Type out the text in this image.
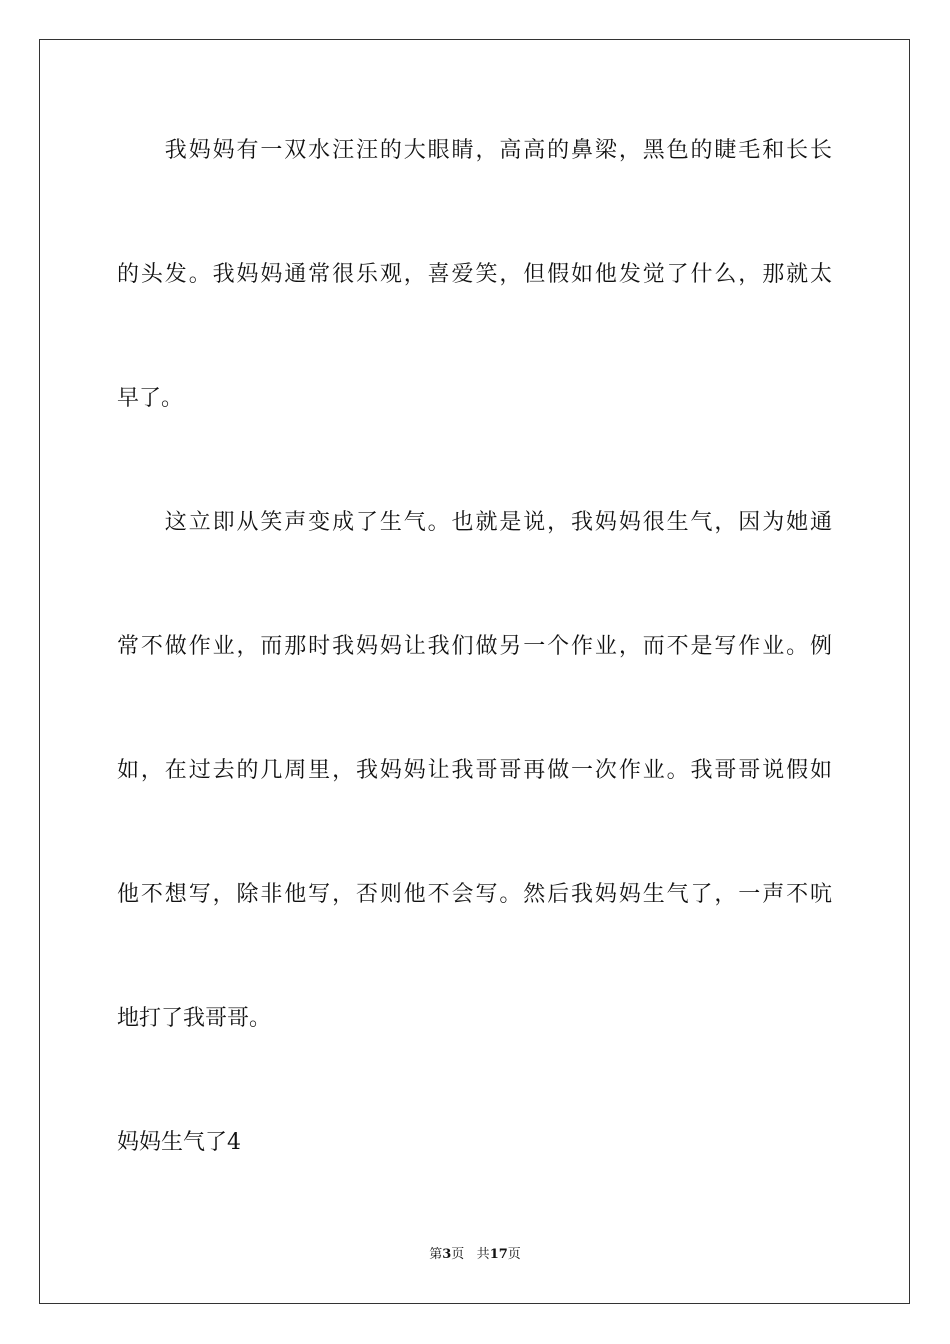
　　我妈妈有一双水汪汪的大眼睛，高高的鼻梁，黑色的睫毛和长长
的头发。我妈妈通常很乐观，喜爱笑，但假如他发觉了什么，那就太
早了。
　　这立即从笑声变成了生气。也就是说，我妈妈很生气，因为她通
常不做作业，而那时我妈妈让我们做另一个作业，而不是写作业。例
如，在过去的几周里，我妈妈让我哥哥再做一次作业。我哥哥说假如
他不想写，除非他写，否则他不会写。然后我妈妈生气了，一声不吭
地打了我哥哥。
妈妈生气了4
第3页 共17页
